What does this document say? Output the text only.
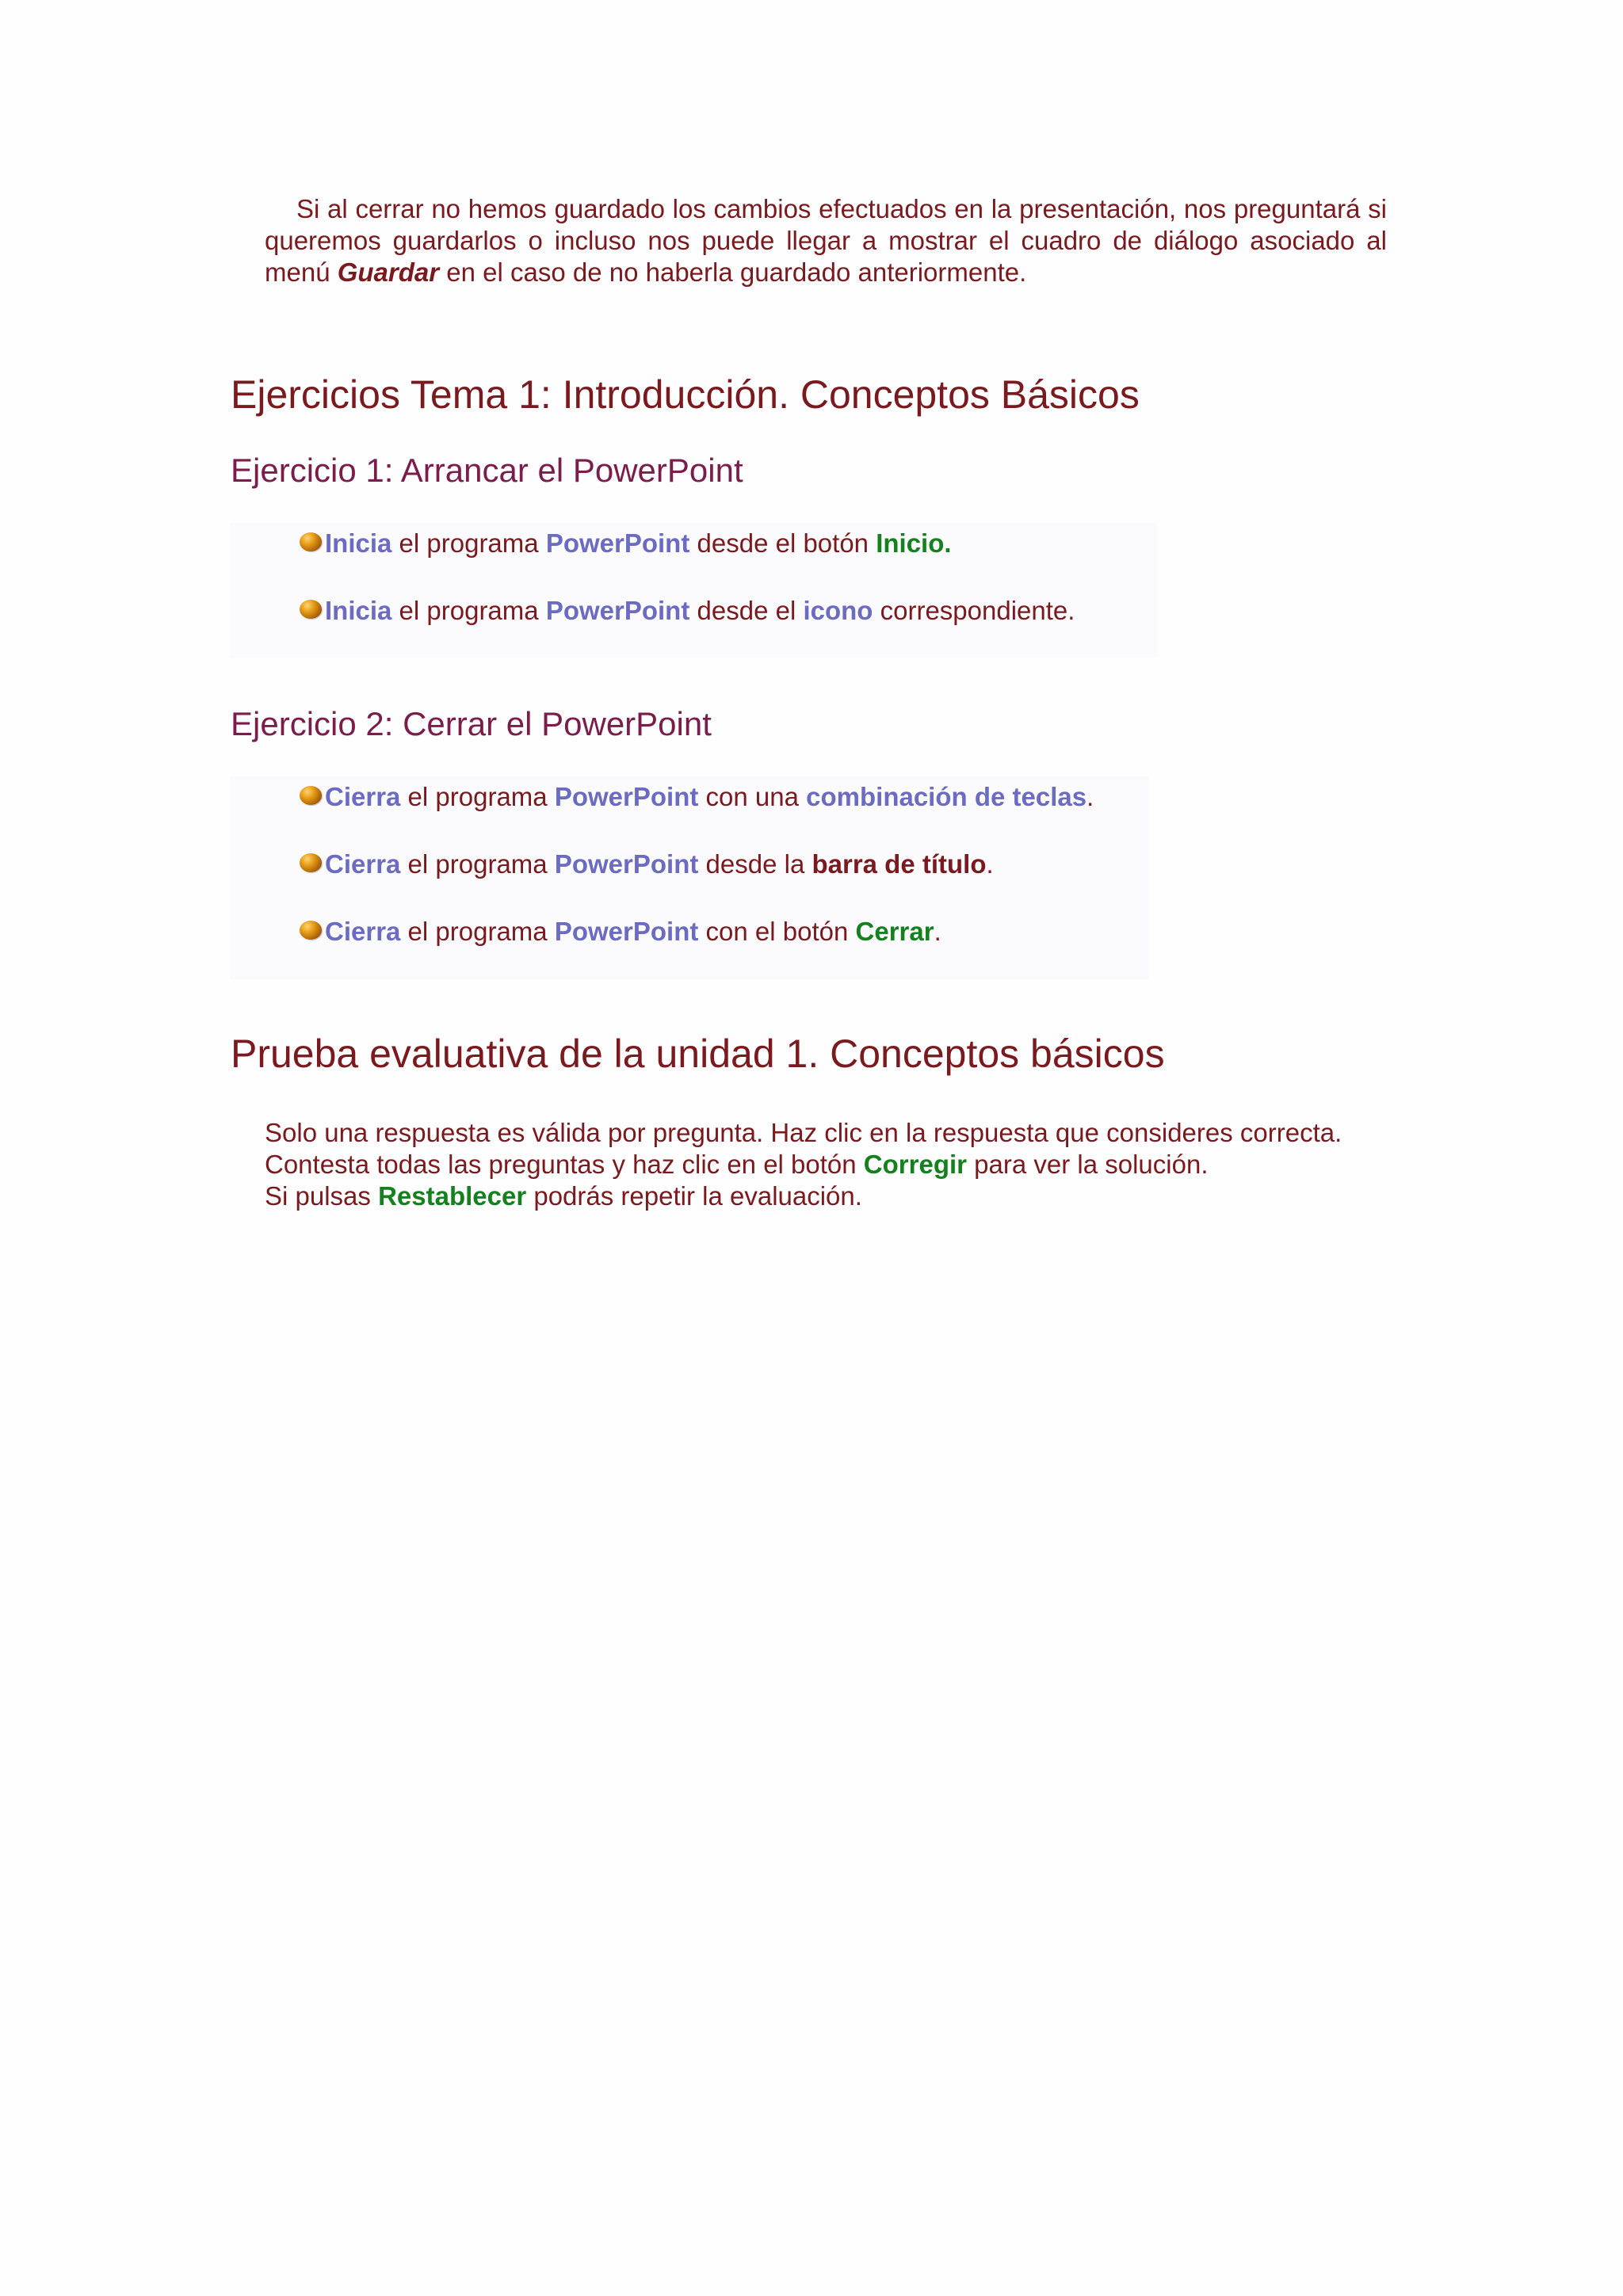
Si al cerrar no hemos guardado los cambios efectuados en la presentación, nos preguntará si queremos guardarlos o incluso nos puede llegar a mostrar el cuadro de diálogo asociado al menú Guardar en el caso de no haberla guardado anteriormente.

Ejercicios Tema 1: Introducción. Conceptos Básicos
Ejercicio 1: Arrancar el PowerPoint
Inicia el programa PowerPoint desde el botón Inicio.
Inicia el programa PowerPoint desde el icono correspondiente.
Ejercicio 2: Cerrar el PowerPoint
Cierra el programa PowerPoint con una combinación de teclas.
Cierra el programa PowerPoint desde la barra de título.
Cierra el programa PowerPoint con el botón Cerrar.
Prueba evaluativa de la unidad 1. Conceptos básicos

Solo una respuesta es válida por pregunta. Haz clic en la respuesta que consideres correcta.

Contesta todas las preguntas y haz clic en el botón Corregir para ver la solución.

Si pulsas Restablecer podrás repetir la evaluación.
